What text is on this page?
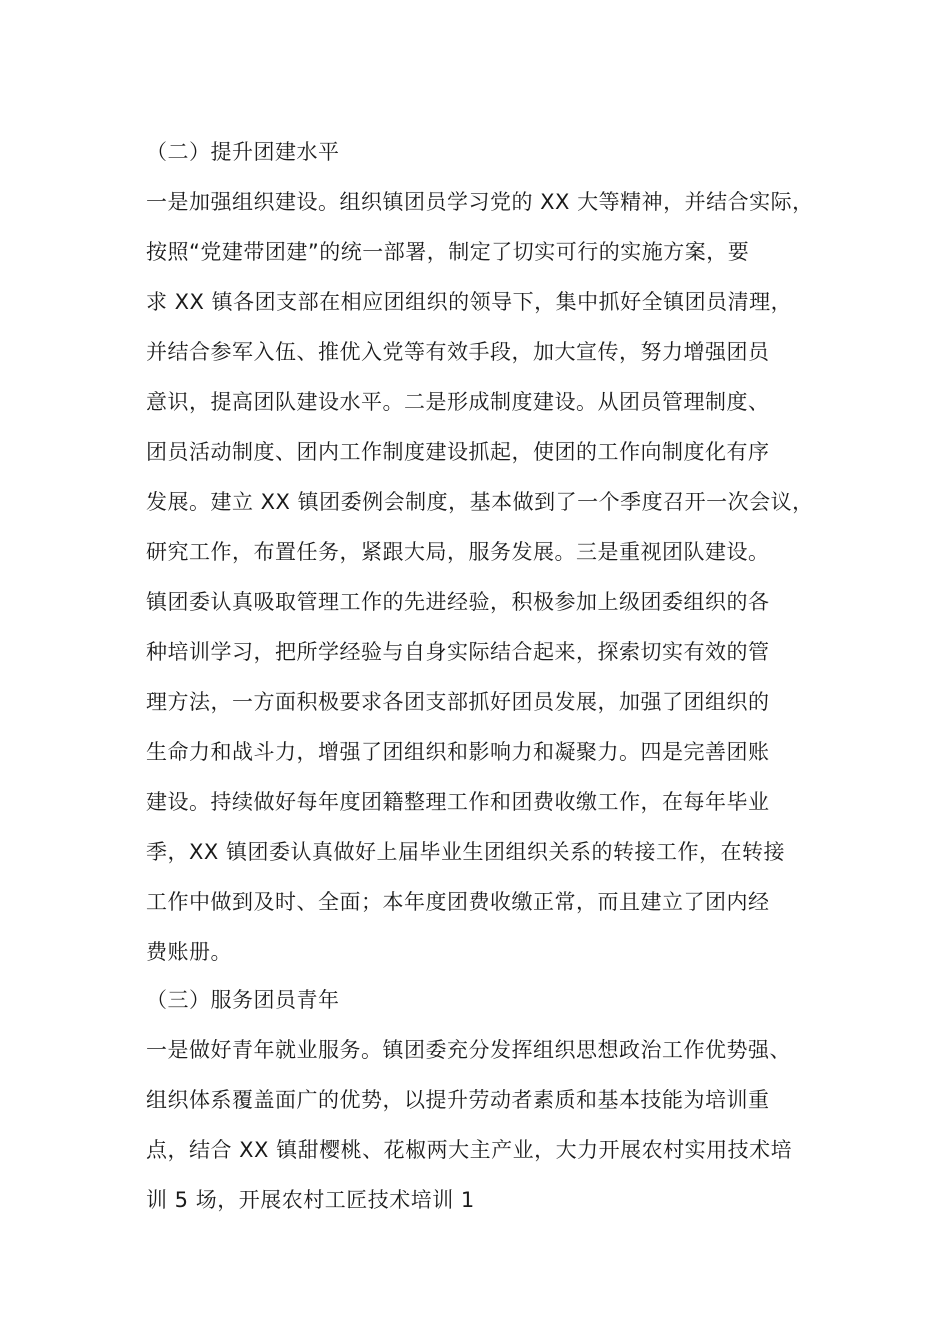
（二）提升团建水平
一是加强组织建设。组织镇团员学习党的 XX 大等精神，并结合实际，
按照“党建带团建”的统一部署，制定了切实可行的实施方案，要
求 XX 镇各团支部在相应团组织的领导下，集中抓好全镇团员清理，
并结合参军入伍、推优入党等有效手段，加大宣传，努力增强团员
意识，提高团队建设水平。二是形成制度建设。从团员管理制度、
团员活动制度、团内工作制度建设抓起，使团的工作向制度化有序
发展。建立 XX 镇团委例会制度，基本做到了一个季度召开一次会议，
研究工作，布置任务，紧跟大局，服务发展。三是重视团队建设。
镇团委认真吸取管理工作的先进经验，积极参加上级团委组织的各
种培训学习，把所学经验与自身实际结合起来，探索切实有效的管
理方法，一方面积极要求各团支部抓好团员发展，加强了团组织的
生命力和战斗力，增强了团组织和影响力和凝聚力。四是完善团账
建设。持续做好每年度团籍整理工作和团费收缴工作，在每年毕业
季，XX 镇团委认真做好上届毕业生团组织关系的转接工作，在转接
工作中做到及时、全面；本年度团费收缴正常，而且建立了团内经
费账册。
（三）服务团员青年
一是做好青年就业服务。镇团委充分发挥组织思想政治工作优势强、
组织体系覆盖面广的优势，以提升劳动者素质和基本技能为培训重
点，结合 XX 镇甜樱桃、花椒两大主产业，大力开展农村实用技术培
训 5 场，开展农村工匠技术培训 1
